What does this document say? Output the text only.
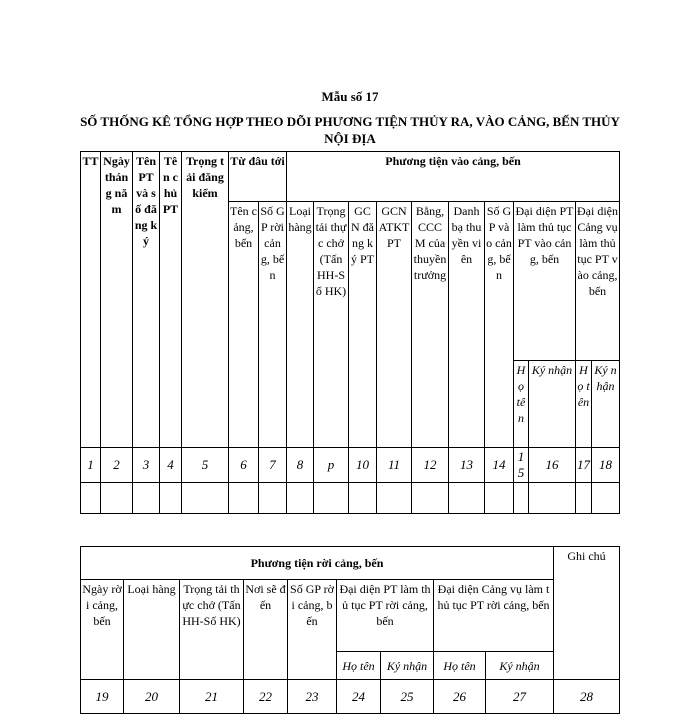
Mẫu số 17
SỐ THỐNG KÊ TỔNG HỢP THEO DÕI PHƯƠNG TIỆN THỦY RA, VÀO CẢNG, BẾN THỦY NỘI ĐỊA
TT	Ngày tháng năm	Tên PT và số đăng ký	Tên chủ PT	Trọng tải đăng kiểm	Từ đâu tới		Phương tiện vào cảng, bến										
					Tên cảng, bến	Số GP rời cảng, bến	Loại hàng	Trọng tải thực chở (Tấn HH-Số HK)	GCN đăng ký PT	GCN ATKT PT	Bằng, CCCM của thuyền trưởng	Danh bạ thuyền viên	Số GP vào cảng, bến	Đại diện PT làm thủ tục PT vào cảng, bến		Đại diện Cảng vụ làm thủ tục PT vào cảng, bến	
														Họ tên	Ký nhận	Họ tên	Ký nhận
1	2	3	4	5	6	7	8	p	10	11	12	13	14	15	16	17	18

Phương tiện rời cảng, bến									Ghi chú
Ngày rời cảng, bến	Loại hàng	Trọng tải thực chở (Tấn HH-Số HK)	Nơi sẽ đến	Số GP rời cảng, bến	Đại diện PT làm thủ tục PT rời cảng, bến		Đại diện Cảng vụ làm thủ tục PT rời cảng, bến		
					Họ tên	Ký nhận	Họ tên	Ký nhận	
19	20	21	22	23	24	25	26	27	28
